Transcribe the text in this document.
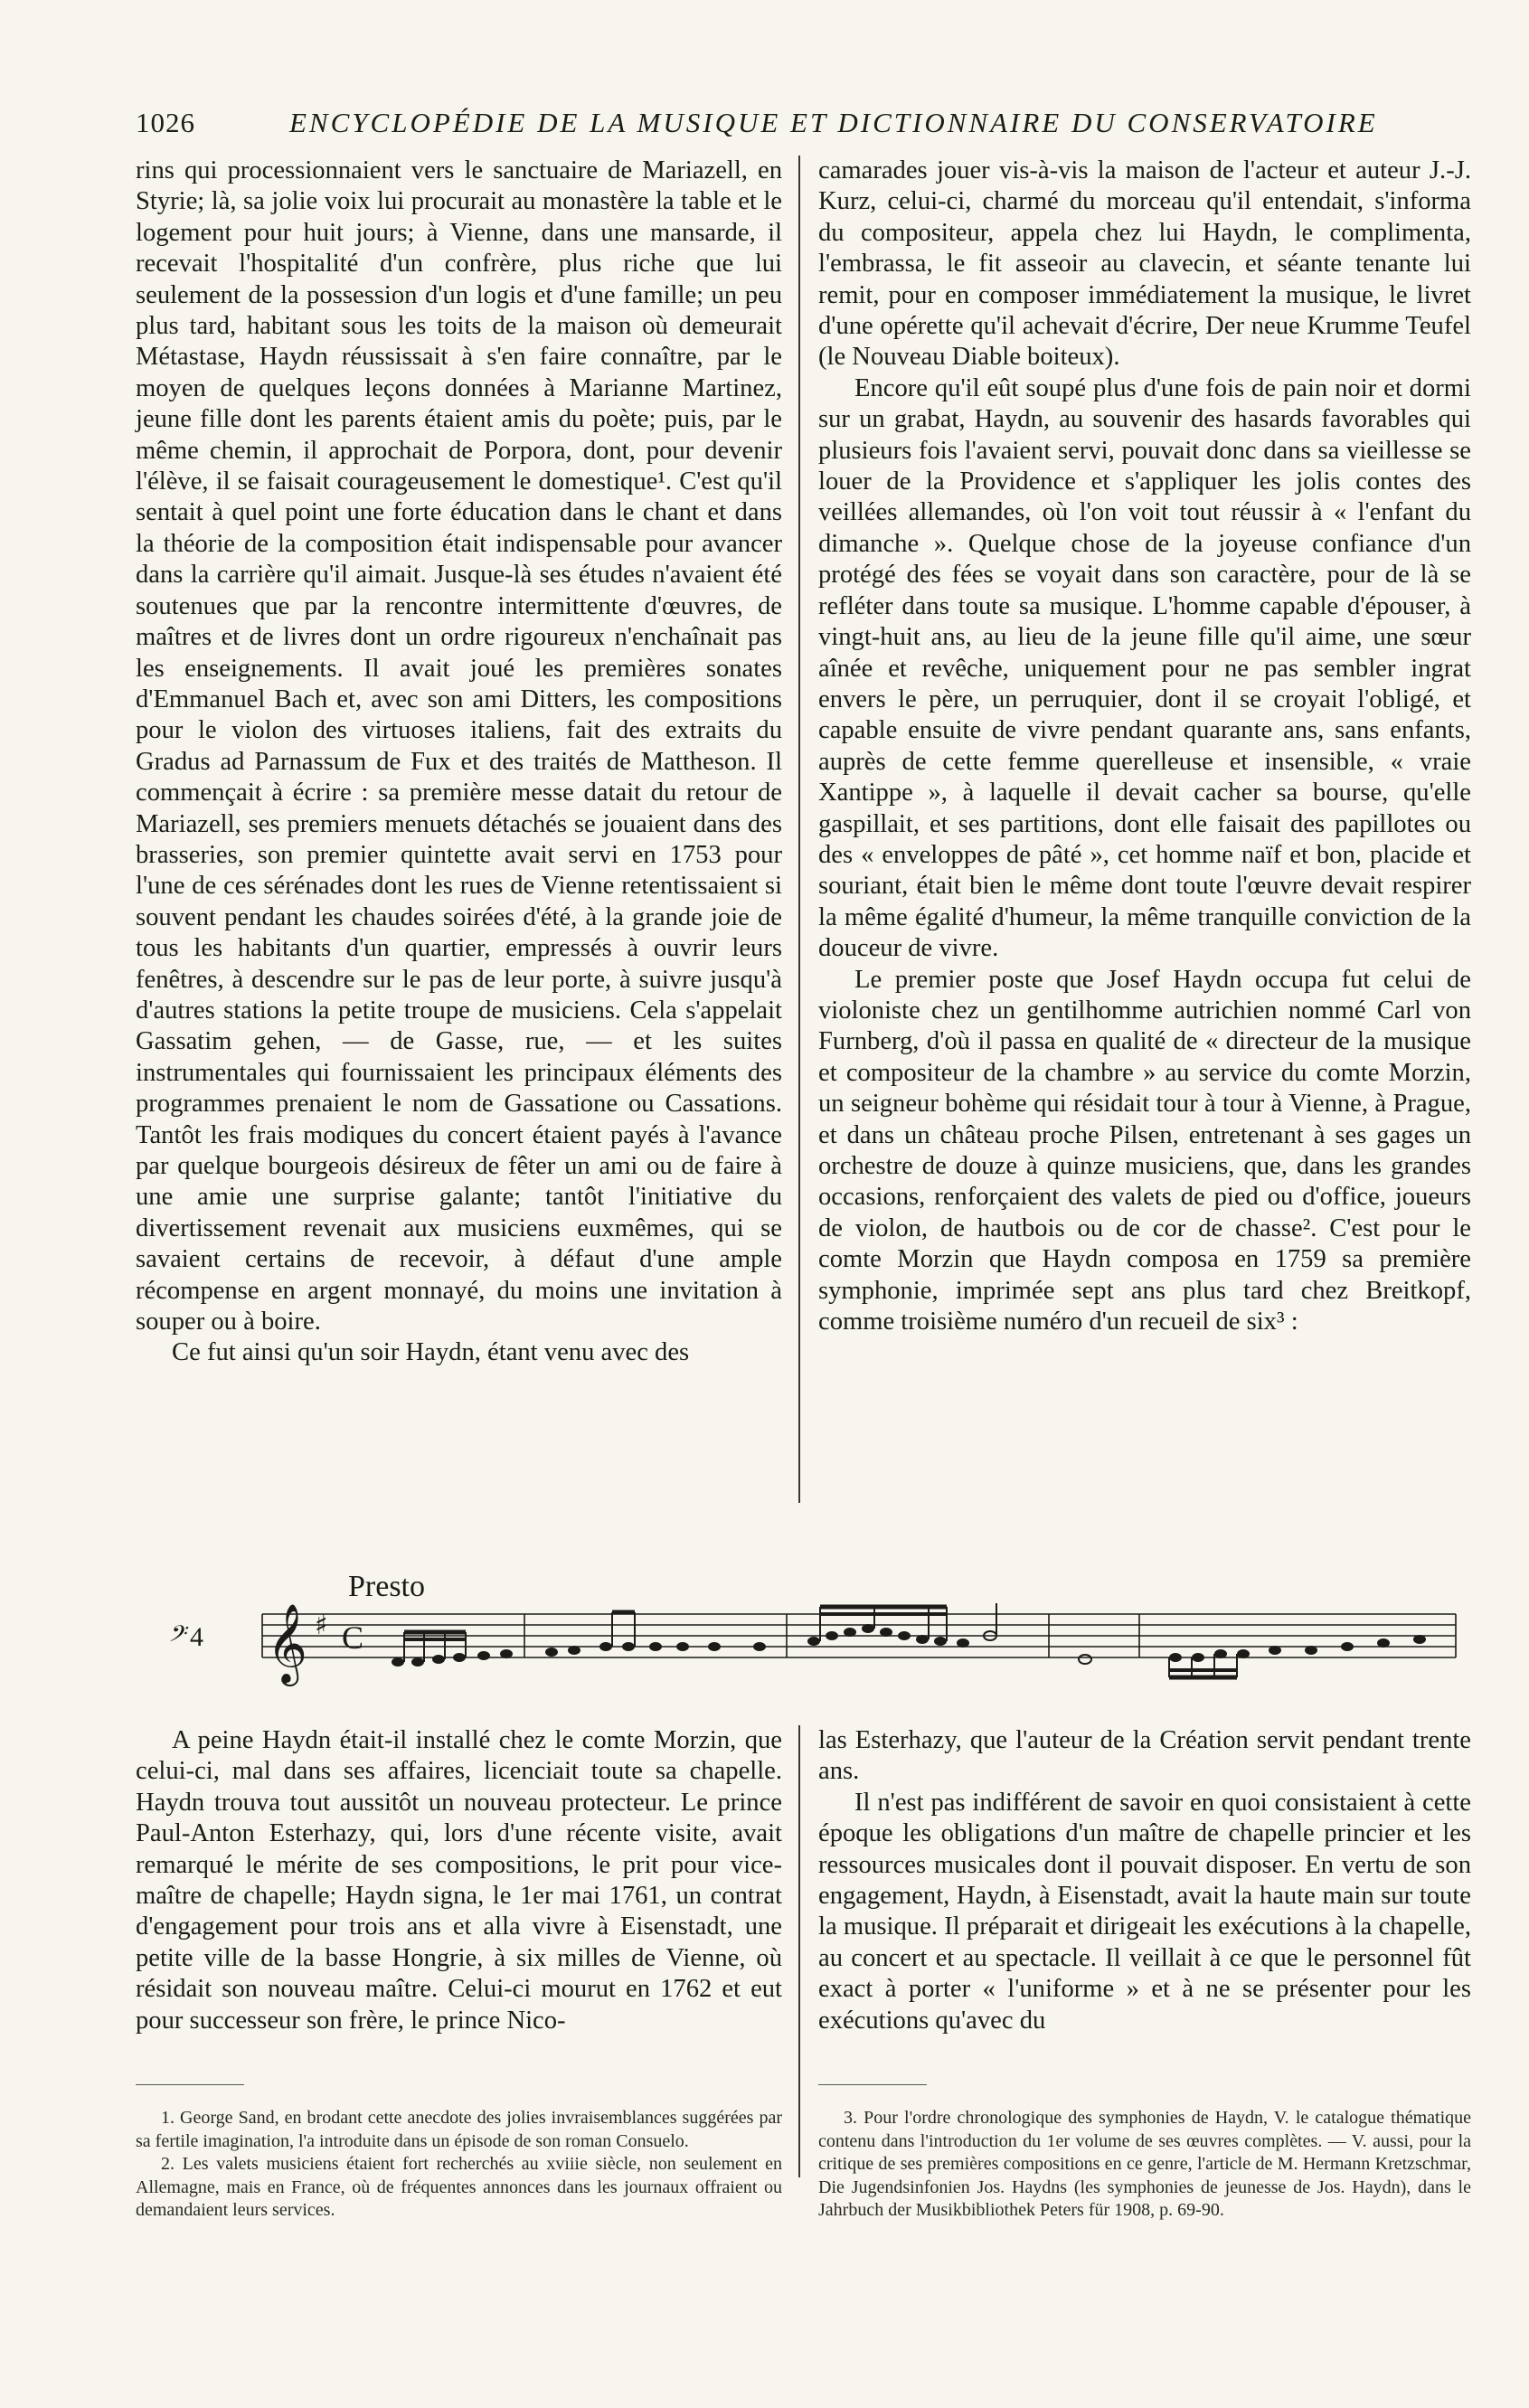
1026	ENCYCLOPÉDIE DE LA MUSIQUE ET DICTIONNAIRE DU CONSERVATOIRE

rins qui processionnaient vers le sanctuaire de Mariazell, en Styrie; là, sa jolie voix lui procurait au monastère la table et le logement pour huit jours; à Vienne, dans une mansarde, il recevait l'hospitalité d'un confrère, plus riche que lui seulement de la possession d'un logis et d'une famille; un peu plus tard, habitant sous les toits de la maison où demeurait Métastase, Haydn réussissait à s'en faire connaître, par le moyen de quelques leçons données à Marianne Martinez, jeune fille dont les parents étaient amis du poète; puis, par le même chemin, il approchait de Porpora, dont, pour devenir l'élève, il se faisait courageusement le domestique¹. C'est qu'il sentait à quel point une forte éducation dans le chant et dans la théorie de la composition était indispensable pour avancer dans la carrière qu'il aimait. Jusque-là ses études n'avaient été soutenues que par la rencontre intermittente d'œuvres, de maîtres et de livres dont un ordre rigoureux n'enchaînait pas les enseignements. Il avait joué les premières sonates d'Emmanuel Bach et, avec son ami Ditters, les compositions pour le violon des virtuoses italiens, fait des extraits du Gradus ad Parnassum de Fux et des traités de Mattheson. Il commençait à écrire : sa première messe datait du retour de Mariazell, ses premiers menuets détachés se jouaient dans des brasseries, son premier quintette avait servi en 1753 pour l'une de ces sérénades dont les rues de Vienne retentissaient si souvent pendant les chaudes soirées d'été, à la grande joie de tous les habitants d'un quartier, empressés à ouvrir leurs fenêtres, à descendre sur le pas de leur porte, à suivre jusqu'à d'autres stations la petite troupe de musiciens. Cela s'appelait Gassatim gehen, — de Gasse, rue, — et les suites instrumentales qui fournissaient les principaux éléments des programmes prenaient le nom de Gassatione ou Cassations. Tantôt les frais modiques du concert étaient payés à l'avance par quelque bourgeois désireux de fêter un ami ou de faire à une amie une surprise galante; tantôt l'initiative du divertissement revenait aux musiciens euxmêmes, qui se savaient certains de recevoir, à défaut d'une ample récompense en argent monnayé, du moins une invitation à souper ou à boire.

Ce fut ainsi qu'un soir Haydn, étant venu avec des

camarades jouer vis-à-vis la maison de l'acteur et auteur J.-J. Kurz, celui-ci, charmé du morceau qu'il entendait, s'informa du compositeur, appela chez lui Haydn, le complimenta, l'embrassa, le fit asseoir au clavecin, et séante tenante lui remit, pour en composer immédiatement la musique, le livret d'une opérette qu'il achevait d'écrire, Der neue Krumme Teufel (le Nouveau Diable boiteux).

Encore qu'il eût soupé plus d'une fois de pain noir et dormi sur un grabat, Haydn, au souvenir des hasards favorables qui plusieurs fois l'avaient servi, pouvait donc dans sa vieillesse se louer de la Providence et s'appliquer les jolis contes des veillées allemandes, où l'on voit tout réussir à « l'enfant du dimanche ». Quelque chose de la joyeuse confiance d'un protégé des fées se voyait dans son caractère, pour de là se refléter dans toute sa musique. L'homme capable d'épouser, à vingt-huit ans, au lieu de la jeune fille qu'il aime, une sœur aînée et revêche, uniquement pour ne pas sembler ingrat envers le père, un perruquier, dont il se croyait l'obligé, et capable ensuite de vivre pendant quarante ans, sans enfants, auprès de cette femme querelleuse et insensible, « vraie Xantippe », à laquelle il devait cacher sa bourse, qu'elle gaspillait, et ses partitions, dont elle faisait des papillotes ou des « enveloppes de pâté », cet homme naïf et bon, placide et souriant, était bien le même dont toute l'œuvre devait respirer la même égalité d'humeur, la même tranquille conviction de la douceur de vivre.

Le premier poste que Josef Haydn occupa fut celui de violoniste chez un gentilhomme autrichien nommé Carl von Furnberg, d'où il passa en qualité de « directeur de la musique et compositeur de la chambre » au service du comte Morzin, un seigneur bohème qui résidait tour à tour à Vienne, à Prague, et dans un château proche Pilsen, entretenant à ses gages un orchestre de douze à quinze musiciens, que, dans les grandes occasions, renforçaient des valets de pied ou d'office, joueurs de violon, de hautbois ou de cor de chasse². C'est pour le comte Morzin que Haydn composa en 1759 sa première symphonie, imprimée sept ans plus tard chez Breitkopf, comme troisième numéro d'un recueil de six³ :

𝄢 4
Presto
𝄞 ♯ C

A peine Haydn était-il installé chez le comte Morzin, que celui-ci, mal dans ses affaires, licenciait toute sa chapelle. Haydn trouva tout aussitôt un nouveau protecteur. Le prince Paul-Anton Esterhazy, qui, lors d'une récente visite, avait remarqué le mérite de ses compositions, le prit pour vice-maître de chapelle; Haydn signa, le 1er mai 1761, un contrat d'engagement pour trois ans et alla vivre à Eisenstadt, une petite ville de la basse Hongrie, à six milles de Vienne, où résidait son nouveau maître. Celui-ci mourut en 1762 et eut pour successeur son frère, le prince Nico-

las Esterhazy, que l'auteur de la Création servit pendant trente ans.

Il n'est pas indifférent de savoir en quoi consistaient à cette époque les obligations d'un maître de chapelle princier et les ressources musicales dont il pouvait disposer. En vertu de son engagement, Haydn, à Eisenstadt, avait la haute main sur toute la musique. Il préparait et dirigeait les exécutions à la chapelle, au concert et au spectacle. Il veillait à ce que le personnel fût exact à porter « l'uniforme » et à ne se présenter pour les exécutions qu'avec du

1. George Sand, en brodant cette anecdote des jolies invraisemblances suggérées par sa fertile imagination, l'a introduite dans un épisode de son roman Consuelo.

2. Les valets musiciens étaient fort recherchés au xviiie siècle, non seulement en Allemagne, mais en France, où de fréquentes annonces dans les journaux offraient ou demandaient leurs services.

3. Pour l'ordre chronologique des symphonies de Haydn, V. le catalogue thématique contenu dans l'introduction du 1er volume de ses œuvres complètes. — V. aussi, pour la critique de ses premières compositions en ce genre, l'article de M. Hermann Kretzschmar, Die Jugendsinfonien Jos. Haydns (les symphonies de jeunesse de Jos. Haydn), dans le Jahrbuch der Musikbibliothek Peters für 1908, p. 69-90.
